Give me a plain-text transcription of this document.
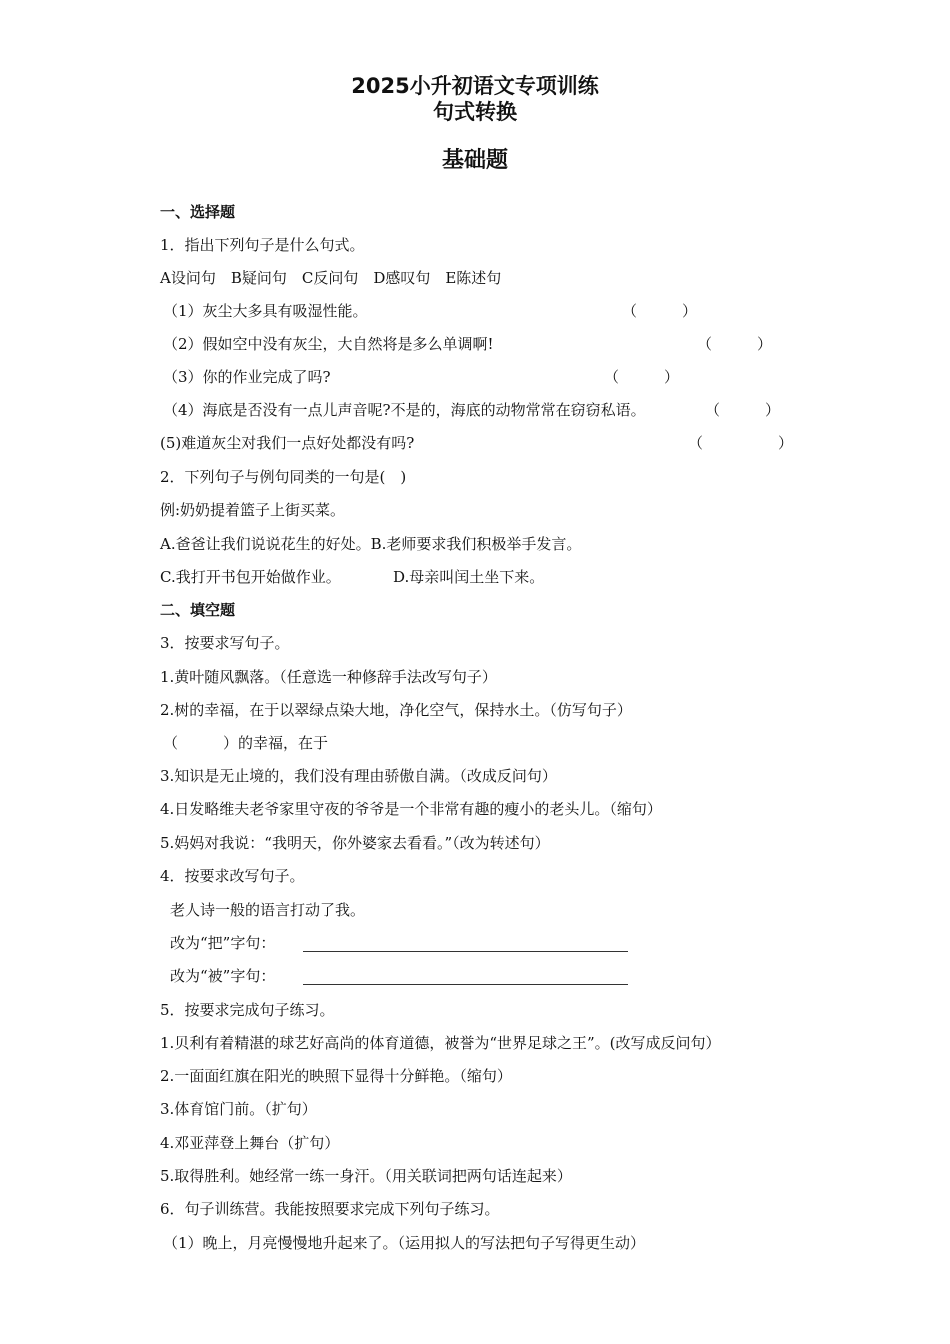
2025小升初语文专项训练
句式转换
基础题
一、选择题
1．指出下列句子是什么句式。
A设问句　B疑问句　C反问句　D感叹句　E陈述句
（1）灰尘大多具有吸湿性能。	（　　　）
（2）假如空中没有灰尘，大自然将是多么单调啊!	（　　　）
（3）你的作业完成了吗?	（　　　）
（4）海底是否没有一点儿声音呢?不是的，海底的动物常常在窃窃私语。	（　　　）
(5)难道灰尘对我们一点好处都没有吗?	（　　　　　）
2．下列句子与例句同类的一句是(　)
例:奶奶提着篮子上街买菜。
A.爸爸让我们说说花生的好处。B.老师要求我们积极举手发言。
C.我打开书包开始做作业。	D.母亲叫闰土坐下来。
二、填空题
3．按要求写句子。
1.黄叶随风飘落。（任意选一种修辞手法改写句子）
2.树的幸福，在于以翠绿点染大地，净化空气，保持水土。（仿写句子）
（　　　）的幸福，在于
3.知识是无止境的，我们没有理由骄傲自满。（改成反问句）
4.日发略维夫老爷家里守夜的爷爷是一个非常有趣的瘦小的老头儿。（缩句）
5.妈妈对我说：“我明天，你外婆家去看看。”（改为转述句）
4．按要求改写句子。
老人诗一般的语言打动了我。
改为“把”字句：
改为“被”字句：
5．按要求完成句子练习。
1.贝利有着精湛的球艺好高尚的体育道德，被誉为“世界足球之王”。(改写成反问句）
2.一面面红旗在阳光的映照下显得十分鲜艳。（缩句）
3.体育馆门前。（扩句）
4.邓亚萍登上舞台（扩句）
5.取得胜利。她经常一练一身汗。（用关联词把两句话连起来）
6．句子训练营。我能按照要求完成下列句子练习。
（1）晚上，月亮慢慢地升起来了。（运用拟人的写法把句子写得更生动）
